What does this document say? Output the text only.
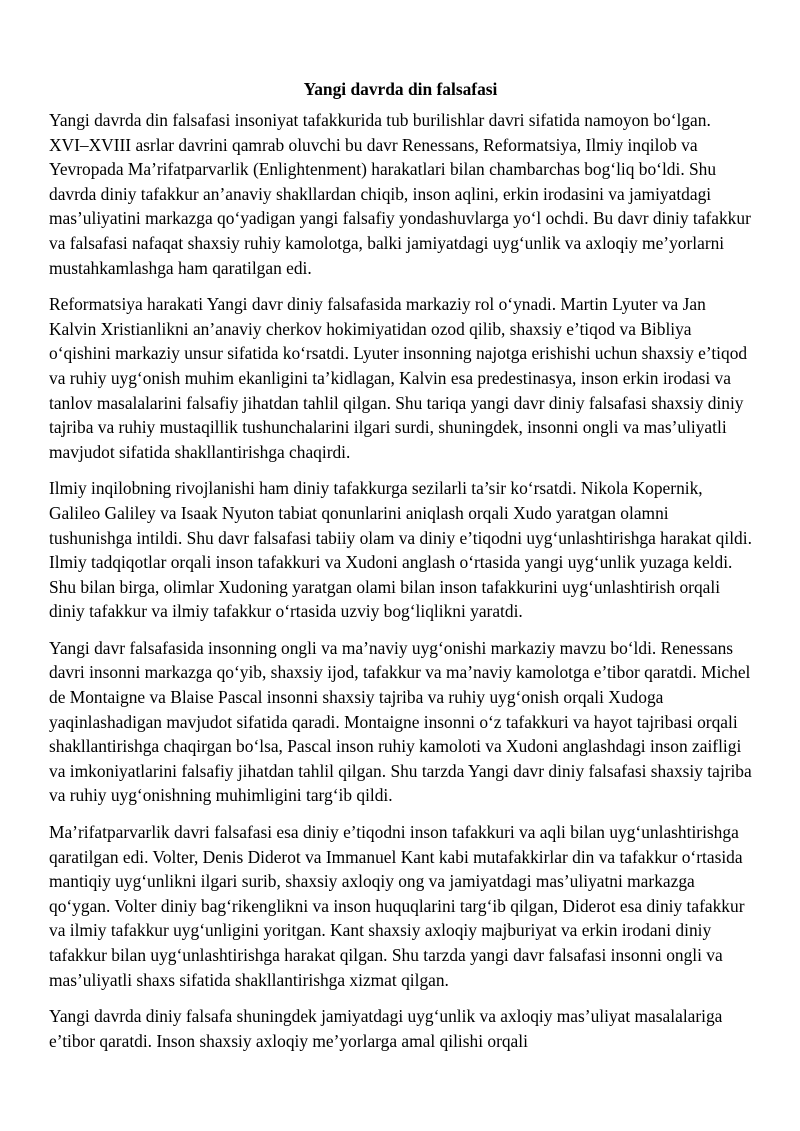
Yangi davrda din falsafasi

Yangi davrda din falsafasi insoniyat tafakkurida tub burilishlar davri sifatida namoyon bo‘lgan. XVI–XVIII asrlar davrini qamrab oluvchi bu davr Renessans, Reformatsiya, Ilmiy inqilob va Yevropada Ma’rifatparvarlik (Enlightenment) harakatlari bilan chambarchas bog‘liq bo‘ldi. Shu davrda diniy tafakkur an’anaviy shakllardan chiqib, inson aqlini, erkin irodasini va jamiyatdagi mas’uliyatini markazga qo‘yadigan yangi falsafiy yondashuvlarga yo‘l ochdi. Bu davr diniy tafakkur va falsafasi nafaqat shaxsiy ruhiy kamolotga, balki jamiyatdagi uyg‘unlik va axloqiy me’yorlarni mustahkamlashga ham qaratilgan edi.

Reformatsiya harakati Yangi davr diniy falsafasida markaziy rol o‘ynadi. Martin Lyuter va Jan Kalvin Xristianlikni an’anaviy cherkov hokimiyatidan ozod qilib, shaxsiy e’tiqod va Bibliya o‘qishini markaziy unsur sifatida ko‘rsatdi. Lyuter insonning najotga erishishi uchun shaxsiy e’tiqod va ruhiy uyg‘onish muhim ekanligini ta’kidlagan, Kalvin esa predestinasya, inson erkin irodasi va tanlov masalalarini falsafiy jihatdan tahlil qilgan. Shu tariqa yangi davr diniy falsafasi shaxsiy diniy tajriba va ruhiy mustaqillik tushunchalarini ilgari surdi, shuningdek, insonni ongli va mas’uliyatli mavjudot sifatida shakllantirishga chaqirdi.

Ilmiy inqilobning rivojlanishi ham diniy tafakkurga sezilarli ta’sir ko‘rsatdi. Nikola Kopernik, Galileo Galiley va Isaak Nyuton tabiat qonunlarini aniqlash orqali Xudo yaratgan olamni tushunishga intildi. Shu davr falsafasi tabiiy olam va diniy e’tiqodni uyg‘unlashtirishga harakat qildi. Ilmiy tadqiqotlar orqali inson tafakkuri va Xudoni anglash o‘rtasida yangi uyg‘unlik yuzaga keldi. Shu bilan birga, olimlar Xudoning yaratgan olami bilan inson tafakkurini uyg‘unlashtirish orqali diniy tafakkur va ilmiy tafakkur o‘rtasida uzviy bog‘liqlikni yaratdi.

Yangi davr falsafasida insonning ongli va ma’naviy uyg‘onishi markaziy mavzu bo‘ldi. Renessans davri insonni markazga qo‘yib, shaxsiy ijod, tafakkur va ma’naviy kamolotga e’tibor qaratdi. Michel de Montaigne va Blaise Pascal insonni shaxsiy tajriba va ruhiy uyg‘onish orqali Xudoga yaqinlashadigan mavjudot sifatida qaradi. Montaigne insonni o‘z tafakkuri va hayot tajribasi orqali shakllantirishga chaqirgan bo‘lsa, Pascal inson ruhiy kamoloti va Xudoni anglashdagi inson zaifligi va imkoniyatlarini falsafiy jihatdan tahlil qilgan. Shu tarzda Yangi davr diniy falsafasi shaxsiy tajriba va ruhiy uyg‘onishning muhimligini targ‘ib qildi.

Ma’rifatparvarlik davri falsafasi esa diniy e’tiqodni inson tafakkuri va aqli bilan uyg‘unlashtirishga qaratilgan edi. Volter, Denis Diderot va Immanuel Kant kabi mutafakkirlar din va tafakkur o‘rtasida mantiqiy uyg‘unlikni ilgari surib, shaxsiy axloqiy ong va jamiyatdagi mas’uliyatni markazga qo‘ygan. Volter diniy bag‘rikenglikni va inson huquqlarini targ‘ib qilgan, Diderot esa diniy tafakkur va ilmiy tafakkur uyg‘unligini yoritgan. Kant shaxsiy axloqiy majburiyat va erkin irodani diniy tafakkur bilan uyg‘unlashtirishga harakat qilgan. Shu tarzda yangi davr falsafasi insonni ongli va mas’uliyatli shaxs sifatida shakllantirishga xizmat qilgan.

Yangi davrda diniy falsafa shuningdek jamiyatdagi uyg‘unlik va axloqiy mas’uliyat masalalariga e’tibor qaratdi. Inson shaxsiy axloqiy me’yorlarga amal qilishi orqali
